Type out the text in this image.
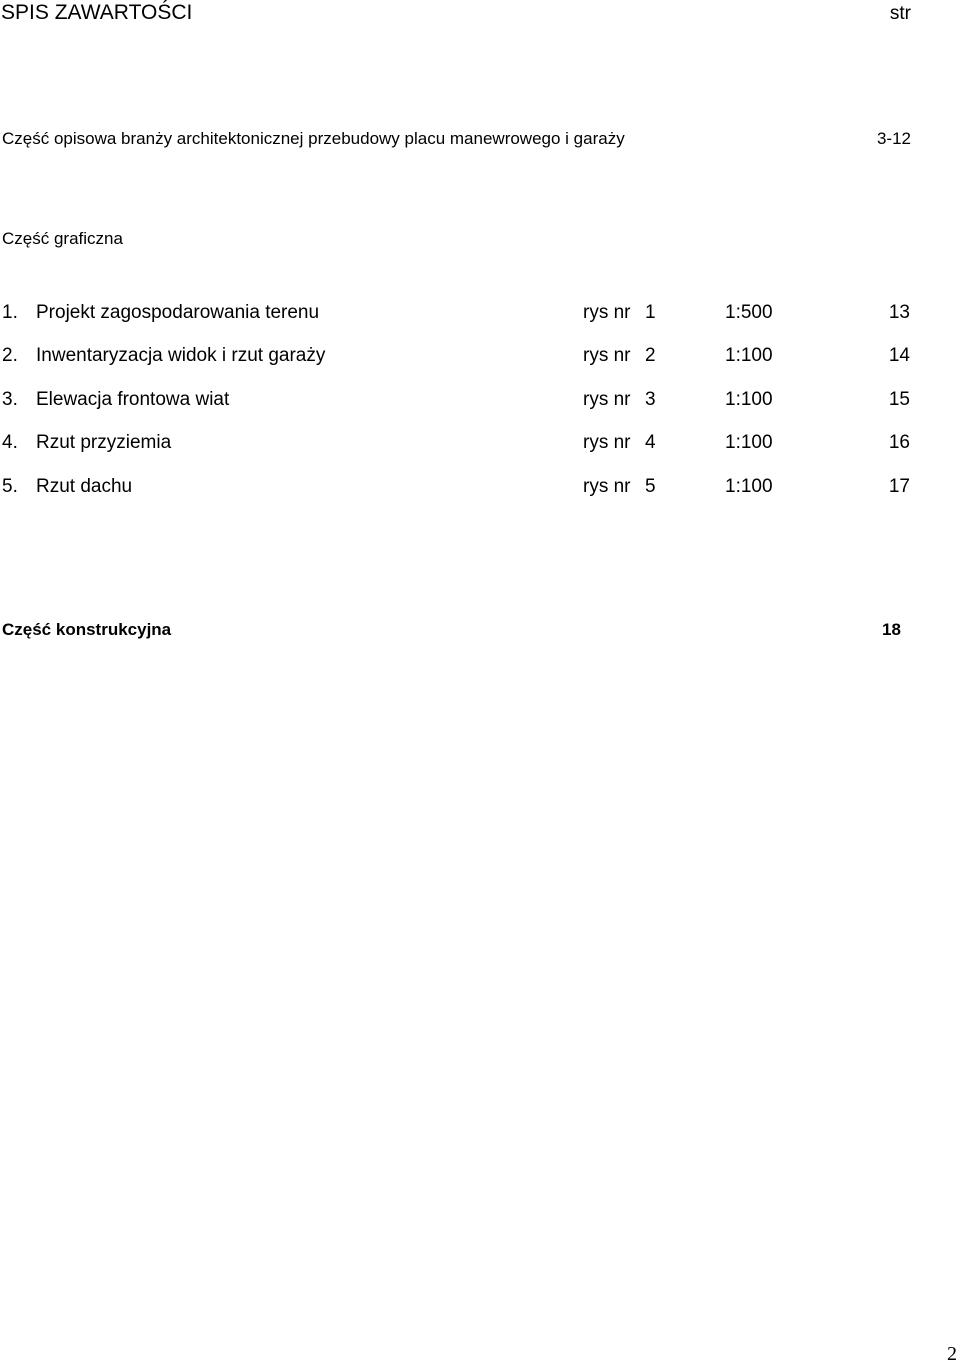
SPIS ZAWARTOŚCI	str
Część opisowa branży architektonicznej przebudowy placu manewrowego i garaży	3-12
Część graficzna
1. Projekt zagospodarowania terenu	rys nr 1	1:500	13
2. Inwentaryzacja widok i rzut garaży	rys nr 2	1:100	14
3. Elewacja frontowa wiat	rys nr 3	1:100	15
4. Rzut przyziemia	rys nr 4	1:100	16
5. Rzut dachu	rys nr 5	1:100	17
Część konstrukcyjna	18
2
